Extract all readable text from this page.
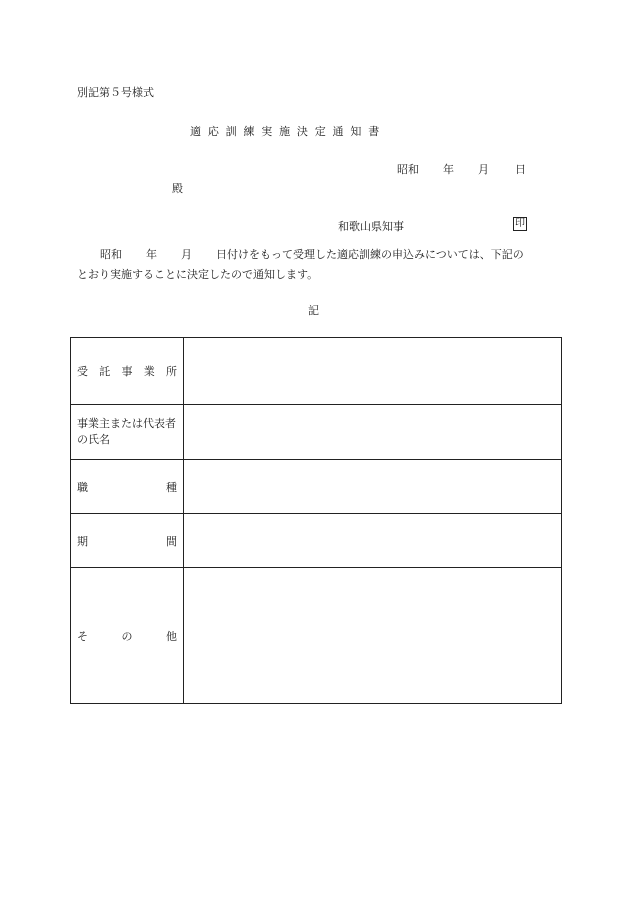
別記第５号様式
適応訓練実施決定通知書
昭和 年 月 日
殿
和歌山県知事	印
昭和 年 月 日付けをもって受理した適応訓練の申込みについては、下記の
とおり実施することに決定したので通知します。
記
受 託 事 業 所	

事業主または代表者の氏名	

職 種	

期 間	

そ の 他	
